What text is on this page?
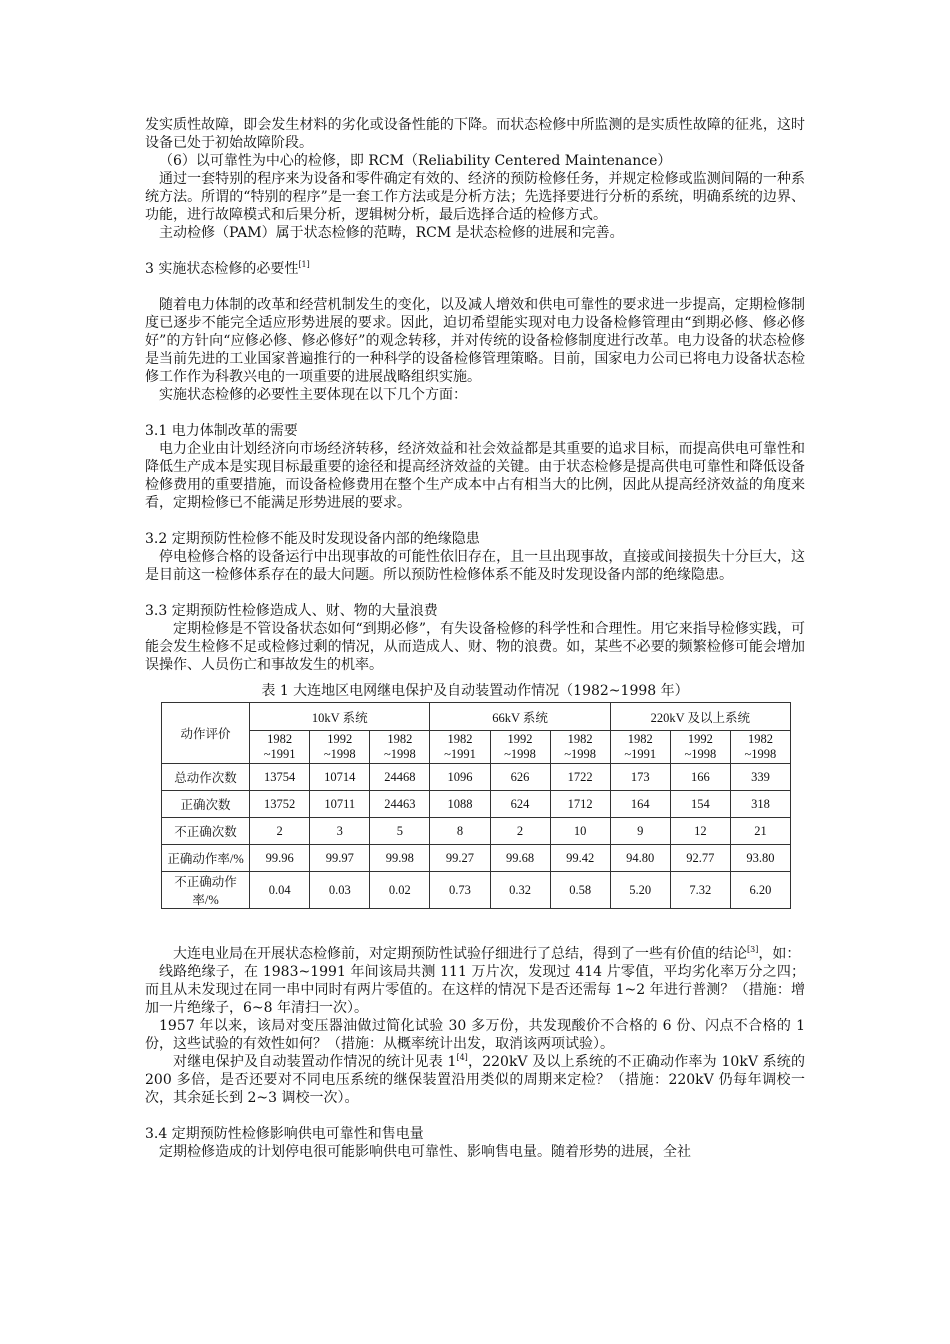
发实质性故障，即会发生材料的劣化或设备性能的下降。而状态检修中所监测的是实质性故障的征兆，这时设备已处于初始故障阶段。

（6）以可靠性为中心的检修，即 RCM（Reliability Centered Maintenance）

通过一套特别的程序来为设备和零件确定有效的、经济的预防检修任务，并规定检修或监测间隔的一种系统方法。所谓的“特别的程序”是一套工作方法或是分析方法；先选择要进行分析的系统，明确系统的边界、功能，进行故障模式和后果分析，逻辑树分析，最后选择合适的检修方式。

主动检修（PAM）属于状态检修的范畴，RCM 是状态检修的进展和完善。

3 实施状态检修的必要性[1]

随着电力体制的改革和经营机制发生的变化，以及减人增效和供电可靠性的要求进一步提高，定期检修制度已逐步不能完全适应形势进展的要求。因此，迫切希望能实现对电力设备检修管理由“到期必修、修必修好”的方针向“应修必修、修必修好”的观念转移，并对传统的设备检修制度进行改革。电力设备的状态检修是当前先进的工业国家普遍推行的一种科学的设备检修管理策略。目前，国家电力公司已将电力设备状态检修工作作为科教兴电的一项重要的进展战略组织实施。

实施状态检修的必要性主要体现在以下几个方面：

3.1 电力体制改革的需要

电力企业由计划经济向市场经济转移，经济效益和社会效益都是其重要的追求目标，而提高供电可靠性和降低生产成本是实现目标最重要的途径和提高经济效益的关键。由于状态检修是提高供电可靠性和降低设备检修费用的重要措施，而设备检修费用在整个生产成本中占有相当大的比例，因此从提高经济效益的角度来看，定期检修已不能满足形势进展的要求。

3.2 定期预防性检修不能及时发现设备内部的绝缘隐患

停电检修合格的设备运行中出现事故的可能性依旧存在，且一旦出现事故，直接或间接损失十分巨大，这是目前这一检修体系存在的最大问题。所以预防性检修体系不能及时发现设备内部的绝缘隐患。

3.3 定期预防性检修造成人、财、物的大量浪费

定期检修是不管设备状态如何“到期必修”，有失设备检修的科学性和合理性。用它来指导检修实践，可能会发生检修不足或检修过剩的情况，从而造成人、财、物的浪费。如，某些不必要的频繁检修可能会增加误操作、人员伤亡和事故发生的机率。

表 1 大连地区电网继电保护及自动装置动作情况（1982~1998 年）
动作评价	10kV 系统			66kV 系统			220kV 及以上系统		
	1982 ~1991	1992 ~1998	1982 ~1998	1982 ~1991	1992 ~1998	1982 ~1998	1982 ~1991	1992 ~1998	1982 ~1998
总动作次数	13754	10714	24468	1096	626	1722	173	166	339
正确次数	13752	10711	24463	1088	624	1712	164	154	318
不正确次数	2	3	5	8	2	10	9	12	21
正确动作率/%	99.96	99.97	99.98	99.27	99.68	99.42	94.80	92.77	93.80
不正确动作率/%	0.04	0.03	0.02	0.73	0.32	0.58	5.20	7.32	6.20

大连电业局在开展状态检修前，对定期预防性试验仔细进行了总结，得到了一些有价值的结论[3]，如：

线路绝缘子，在 1983~1991 年间该局共测 111 万片次，发现过 414 片零值，平均劣化率万分之四；而且从未发现过在同一串中同时有两片零值的。在这样的情况下是否还需每 1~2 年进行普测？（措施：增加一片绝缘子，6~8 年清扫一次）。

1957 年以来，该局对变压器油做过简化试验 30 多万份，共发现酸价不合格的 6 份、闪点不合格的 1 份，这些试验的有效性如何？（措施：从概率统计出发，取消该两项试验）。

对继电保护及自动装置动作情况的统计见表 1[4]，220kV 及以上系统的不正确动作率为 10kV 系统的 200 多倍，是否还要对不同电压系统的继保装置沿用类似的周期来定检？（措施：220kV 仍每年调校一次，其余延长到 2~3 调校一次）。

3.4 定期预防性检修影响供电可靠性和售电量

定期检修造成的计划停电很可能影响供电可靠性、影响售电量。随着形势的进展，全社
